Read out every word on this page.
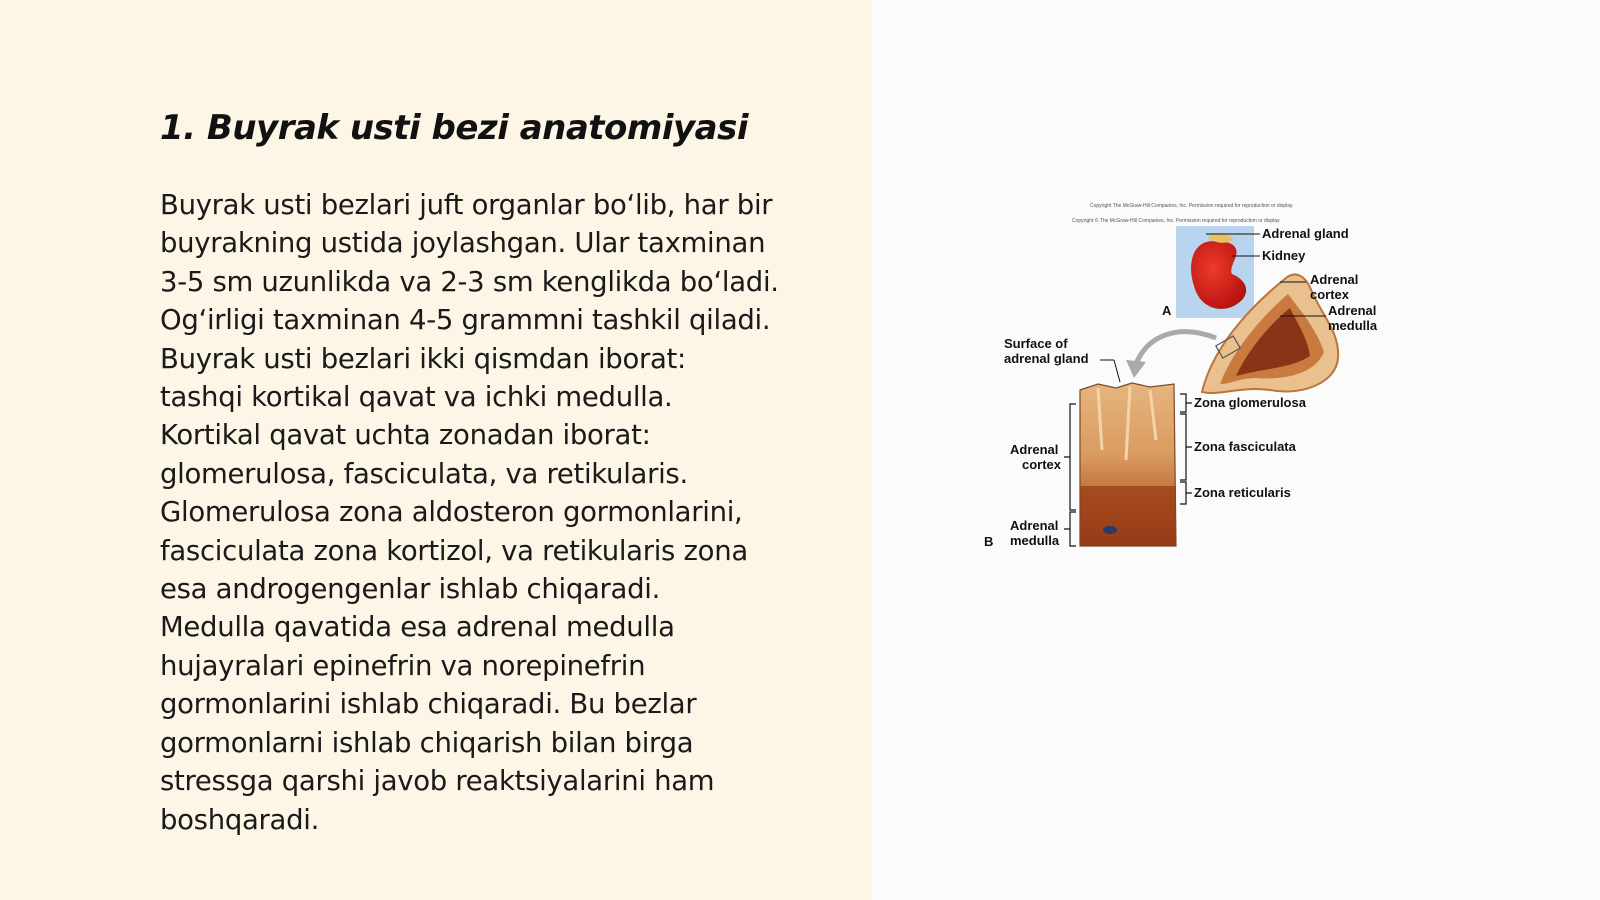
1. Buyrak usti bezi anatomiyasi
Buyrak usti bezlari juft organlar bo‘lib, har bir
buyrakning ustida joylashgan. Ular taxminan
3-5 sm uzunlikda va 2-3 sm kenglikda bo‘ladi.
Og‘irligi taxminan 4-5 grammni tashkil qiladi.
Buyrak usti bezlari ikki qismdan iborat:
tashqi kortikal qavat va ichki medulla.
Kortikal qavat uchta zonadan iborat:
glomerulosa, fasciculata, va retikularis.
Glomerulosa zona aldosteron gormonlarini,
fasciculata zona kortizol, va retikularis zona
esa androgengenlar ishlab chiqaradi.
Medulla qavatida esa adrenal medulla
hujayralari epinefrin va norepinefrin
gormonlarini ishlab chiqaradi. Bu bezlar
gormonlarni ishlab chiqarish bilan birga
stressga qarshi javob reaktsiyalarini ham
boshqaradi.
Copyright The McGraw-Hill Companies, Inc. Permission required for reproduction or display.
Copyright © The McGraw-Hill Companies, Inc. Permission required for reproduction or display.
Adrenal gland
Kidney
Adrenal
cortex
Adrenal
medulla
A
Surface of
adrenal gland
Zona glomerulosa
Zona fasciculata
Zona reticularis
Adrenal
cortex
Adrenal
medulla
B
